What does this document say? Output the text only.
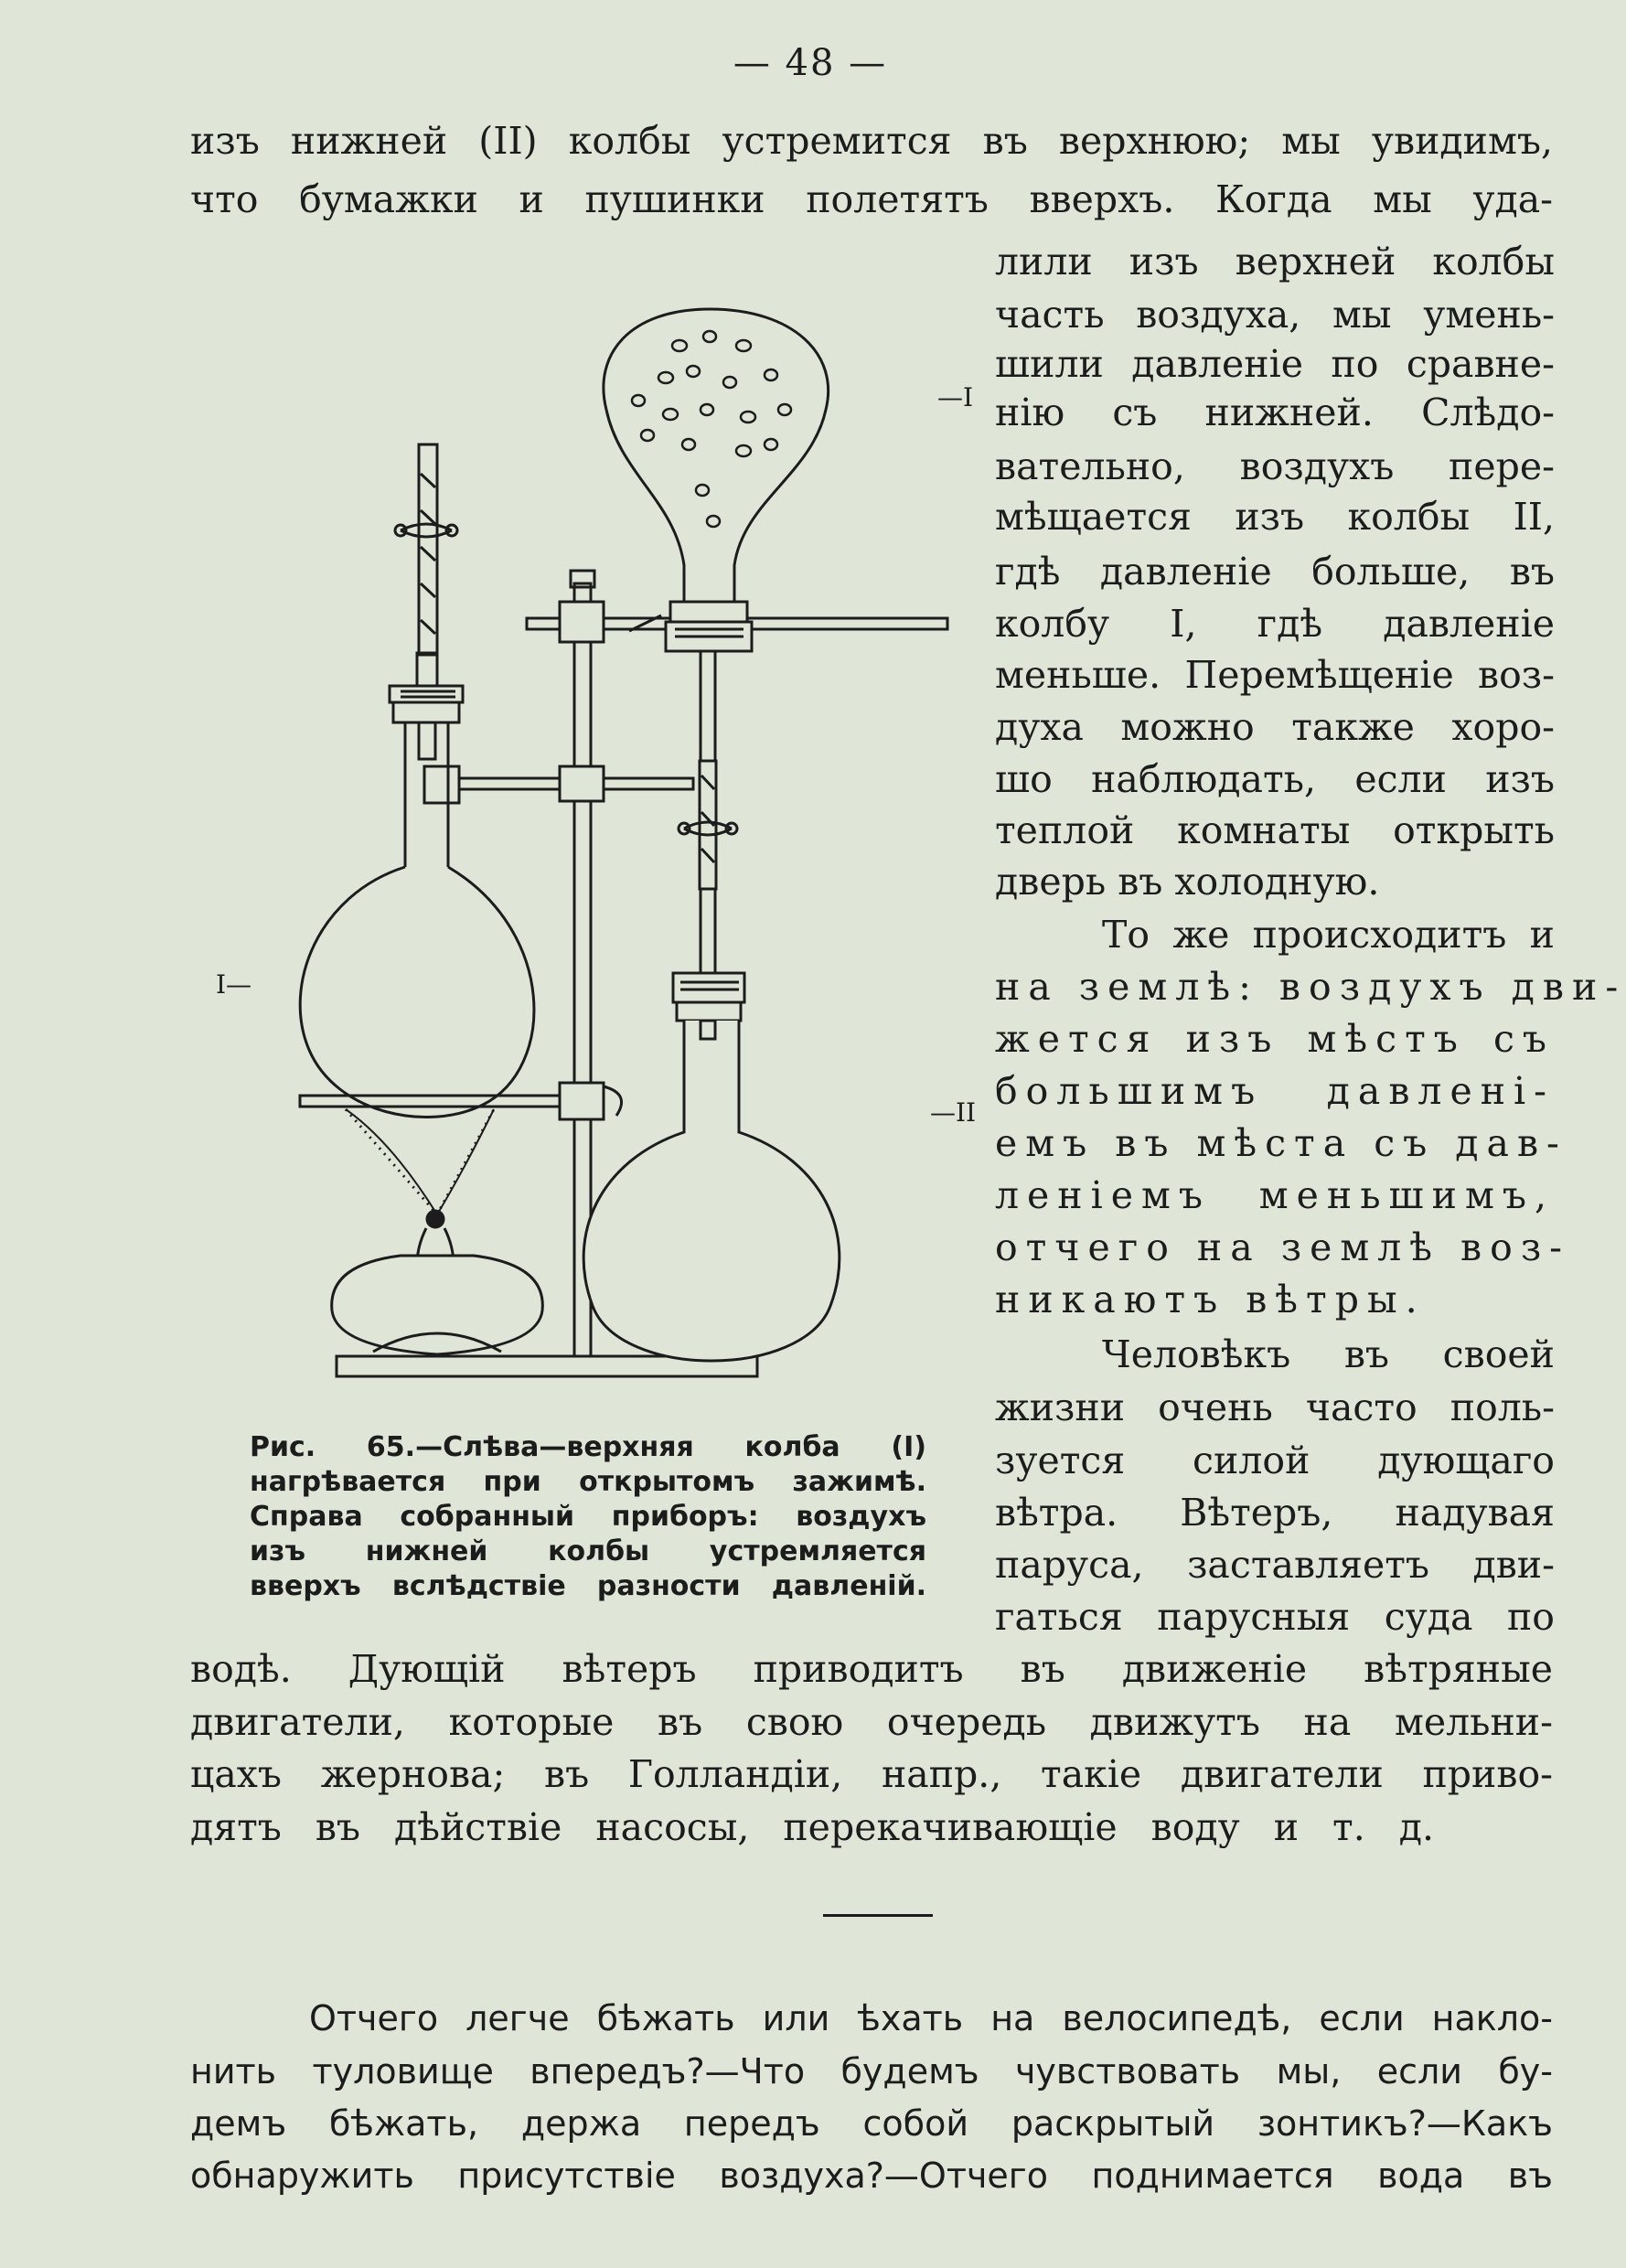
— 48 —
изъ нижней (II) колбы устремится въ верхнюю; мы увидимъ,
что бумажки и пушинки полетятъ вверхъ. Когда мы уда-
лили изъ верхней колбы
часть воздуха, мы умень-
шили давленіе по сравне-
нію съ нижней. Слѣдо-
вательно, воздухъ пере-
мѣщается изъ колбы II,
гдѣ давленіе больше, въ
колбу I, гдѣ давленіе
меньше. Перемѣщеніе воз-
духа можно также хоро-
шо наблюдать, если изъ
теплой комнаты открыть
дверь въ холодную.
То же происходитъ и
на землѣ: воздухъ дви-
жется изъ мѣстъ съ
большимъ давлені-
емъ въ мѣста съ дав-
леніемъ меньшимъ,
отчего на землѣ воз-
никаютъ вѣтры.
Человѣкъ въ своей
жизни очень часто поль-
зуется силой дующаго
вѣтра. Вѣтеръ, надувая
паруса, заставляетъ дви-
гаться парусныя суда по
водѣ. Дующій вѣтеръ приводитъ въ движеніе вѣтряные
двигатели, которые въ свою очередь движутъ на мельни-
цахъ жернова; въ Голландіи, напр., такіе двигатели приво-
дятъ въ дѣйствіе насосы, перекачивающіе воду и т. д.
I—
—I
—II
Рис. 65.—Слѣва—верхняя колба (I)
нагрѣвается при открытомъ зажимѣ.
Справа собранный приборъ: воздухъ
изъ нижней колбы устремляется
вверхъ вслѣдствіе разности давленій.
Отчего легче бѣжать или ѣхать на велосипедѣ, если накло-
нить туловище впередъ?—Что будемъ чувствовать мы, если бу-
демъ бѣжать, держа передъ собой раскрытый зонтикъ?—Какъ
обнаружить присутствіе воздуха?—Отчего поднимается вода въ
